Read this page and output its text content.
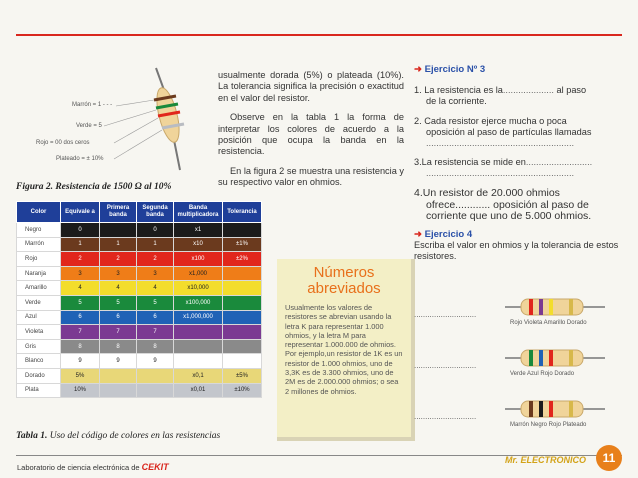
Marrón = 1 - - -
Verde = 5
Rojo = 00 dos ceros
Plateado = ± 10%
Figura 2. Resistencia de 1500 Ω al 10%
Color	Equivale a	Primera banda	Segunda banda	Banda multiplicadora	Tolerancia
Negro	0		0	x1	
Marrón	1	1	1	x10	±1%
Rojo	2	2	2	x100	±2%
Naranja	3	3	3	x1,000	
Amarillo	4	4	4	x10,000	
Verde	5	5	5	x100,000	
Azul	6	6	6	x1,000,000	
Violeta	7	7	7		
Gris	8	8	8		
Blanco	9	9	9		
Dorado	5%			x0,1	±5%
Plata	10%			x0,01	±10%
Tabla 1. Uso del código de colores en las resistencias

usualmente dorada (5%) o plateada (10%). La tolerancia significa la precisión o exactitud en el valor del resistor.

Observe en la tabla 1 la forma de interpretar los colores de acuerdo a la posición que ocupa la banda en la resistencia.

En la figura 2 se muestra una resistencia y su respectivo valor en ohmios.

Números abreviados
Usualmente los valores de resistores se abrevian usando la letra K para representar 1.000 ohmios, y la letra M para representar 1.000.000 de ohmios. Por ejemplo,un resistor de 1K es un resistor de 1.000 ohmios, uno de 3,3K es de 3.300 ohmios, uno de 2M es de 2.000.000 ohmios; o sea 2 millones de ohmios.
➜ Ejercicio Nº 3

1. La resistencia es la.................... al paso
de la corriente.

2. Cada resistor ejerce mucha o poca
oposición al paso de partículas llamadas
..........................................................

3.La resistencia se mide en..........................
..........................................................

4.Un resistor de 20.000 ohmios
ofrece............ oposición al paso de
corriente que uno de 5.000 ohmios.

➜ Ejercicio 4

Escriba el valor en ohmios y la tolerancia de estos resistores.

............................
Rojo Violeta Amarillo Dorado
............................
Verde Azul Rojo Dorado
............................
Marrón Negro Rojo Plateado
Laboratorio de ciencia electrónica de CEKIT
Mr. ELECTRONICO	11
